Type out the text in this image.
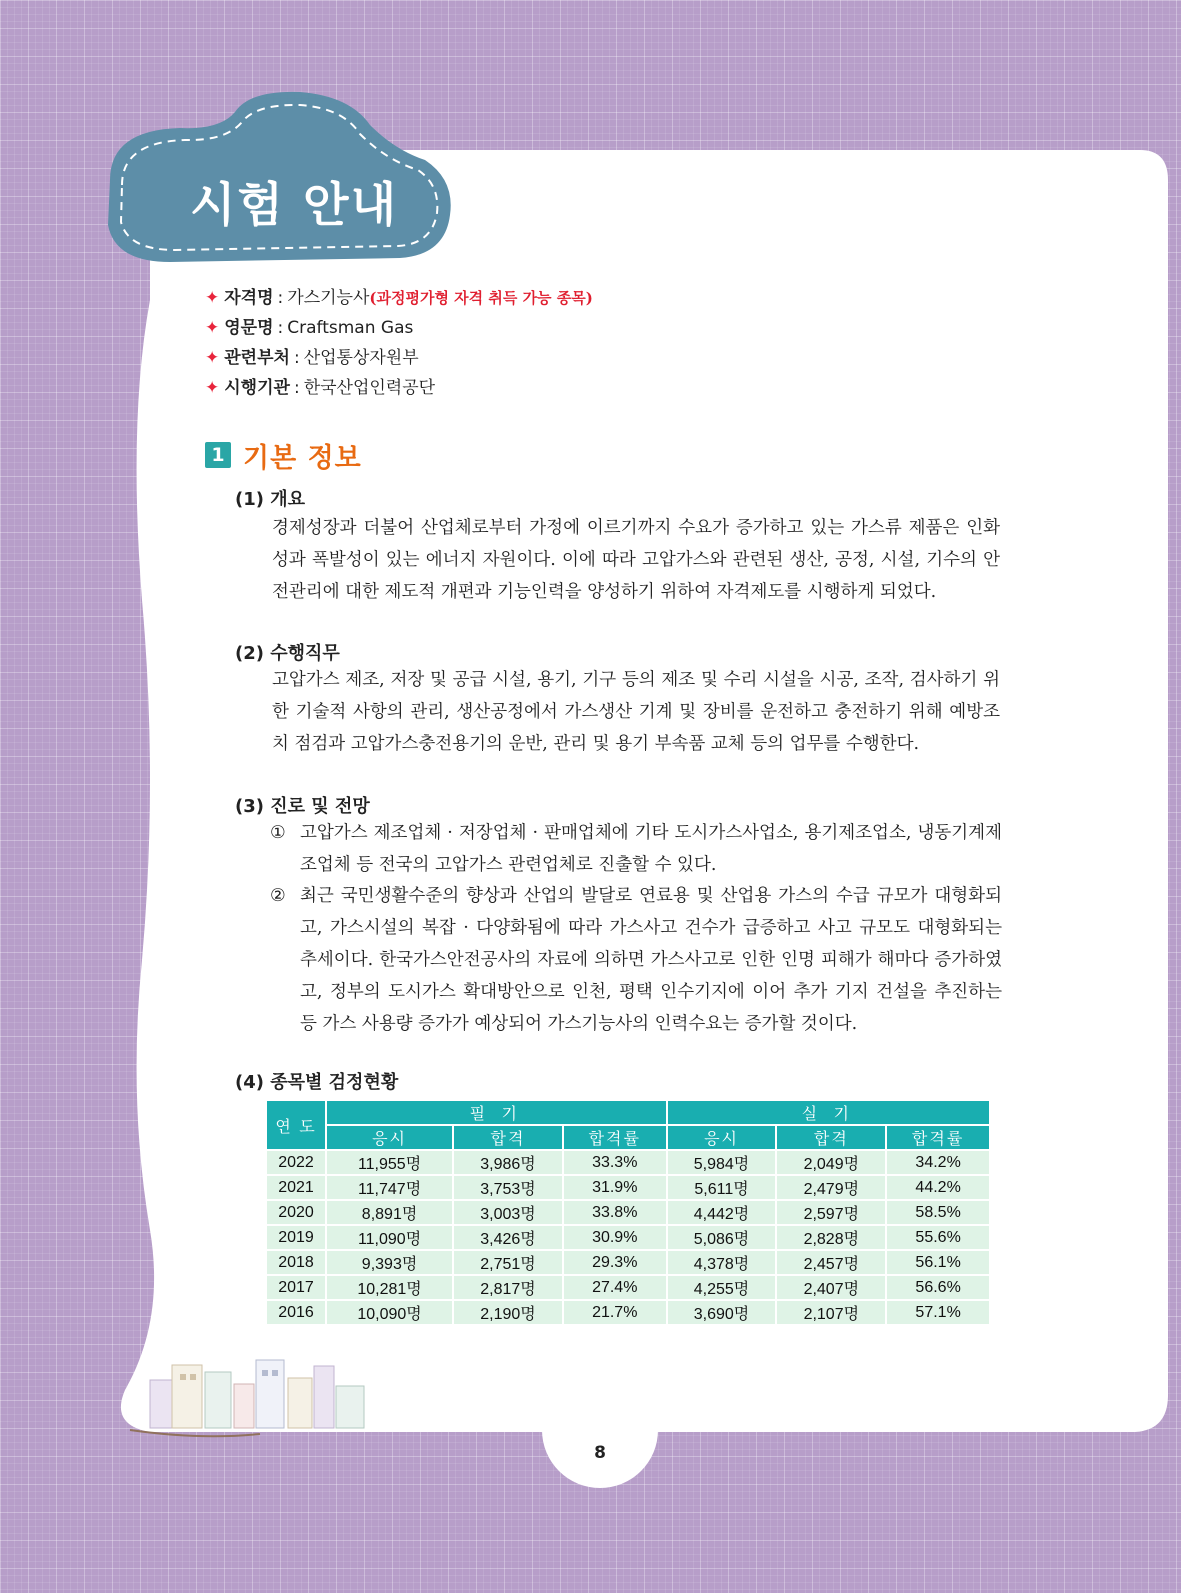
시험 안내
✦ 자격명 : 가스기능사(과정평가형 자격 취득 가능 종목)
✦ 영문명 : Craftsman Gas
✦ 관련부처 : 산업통상자원부
✦ 시행기관 : 한국산업인력공단
1 기본 정보
(1) 개요

경제성장과 더불어 산업체로부터 가정에 이르기까지 수요가 증가하고 있는 가스류 제품은 인화성과 폭발성이 있는 에너지 자원이다. 이에 따라 고압가스와 관련된 생산, 공정, 시설, 기수의 안전관리에 대한 제도적 개편과 기능인력을 양성하기 위하여 자격제도를 시행하게 되었다.

(2) 수행직무

고압가스 제조, 저장 및 공급 시설, 용기, 기구 등의 제조 및 수리 시설을 시공, 조작, 검사하기 위한 기술적 사항의 관리, 생산공정에서 가스생산 기계 및 장비를 운전하고 충전하기 위해 예방조치 점검과 고압가스충전용기의 운반, 관리 및 용기 부속품 교체 등의 업무를 수행한다.

(3) 진로 및 전망
① 고압가스 제조업체 · 저장업체 · 판매업체에 기타 도시가스사업소, 용기제조업소, 냉동기계제조업체 등 전국의 고압가스 관련업체로 진출할 수 있다.
② 최근 국민생활수준의 향상과 산업의 발달로 연료용 및 산업용 가스의 수급 규모가 대형화되고, 가스시설의 복잡 · 다양화됨에 따라 가스사고 건수가 급증하고 사고 규모도 대형화되는 추세이다. 한국가스안전공사의 자료에 의하면 가스사고로 인한 인명 피해가 해마다 증가하였고, 정부의 도시가스 확대방안으로 인천, 평택 인수기지에 이어 추가 기지 건설을 추진하는 등 가스 사용량 증가가 예상되어 가스기능사의 인력수요는 증가할 것이다.
(4) 종목별 검정현황
연 도	필 기			실 기		
	응시	합격	합격률	응시	합격	합격률
2022	11,955명	3,986명	33.3%	5,984명	2,049명	34.2%
2021	11,747명	3,753명	31.9%	5,611명	2,479명	44.2%
2020	8,891명	3,003명	33.8%	4,442명	2,597명	58.5%
2019	11,090명	3,426명	30.9%	5,086명	2,828명	55.6%
2018	9,393명	2,751명	29.3%	4,378명	2,457명	56.1%
2017	10,281명	2,817명	27.4%	4,255명	2,407명	56.6%
2016	10,090명	2,190명	21.7%	3,690명	2,107명	57.1%
8
